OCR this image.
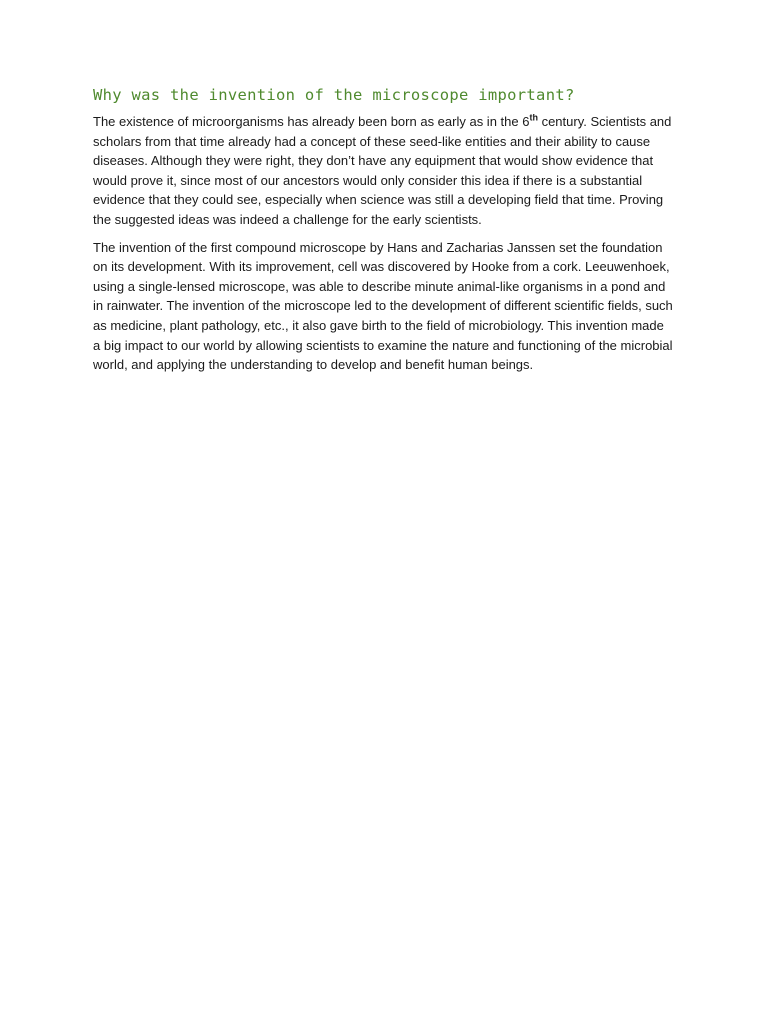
Why was the invention of the microscope important?

The existence of microorganisms has already been born as early as in the 6th century. Scientists and scholars from that time already had a concept of these seed-like entities and their ability to cause diseases. Although they were right, they don’t have any equipment that would show evidence that would prove it, since most of our ancestors would only consider this idea if there is a substantial evidence that they could see, especially when science was still a developing field that time. Proving the suggested ideas was indeed a challenge for the early scientists.

The invention of the first compound microscope by Hans and Zacharias Janssen set the foundation on its development. With its improvement, cell was discovered by Hooke from a cork. Leeuwenhoek, using a single-lensed microscope, was able to describe minute animal-like organisms in a pond and in rainwater. The invention of the microscope led to the development of different scientific fields, such as medicine, plant pathology, etc., it also gave birth to the field of microbiology. This invention made a big impact to our world by allowing scientists to examine the nature and functioning of the microbial world, and applying the understanding to develop and benefit human beings.
